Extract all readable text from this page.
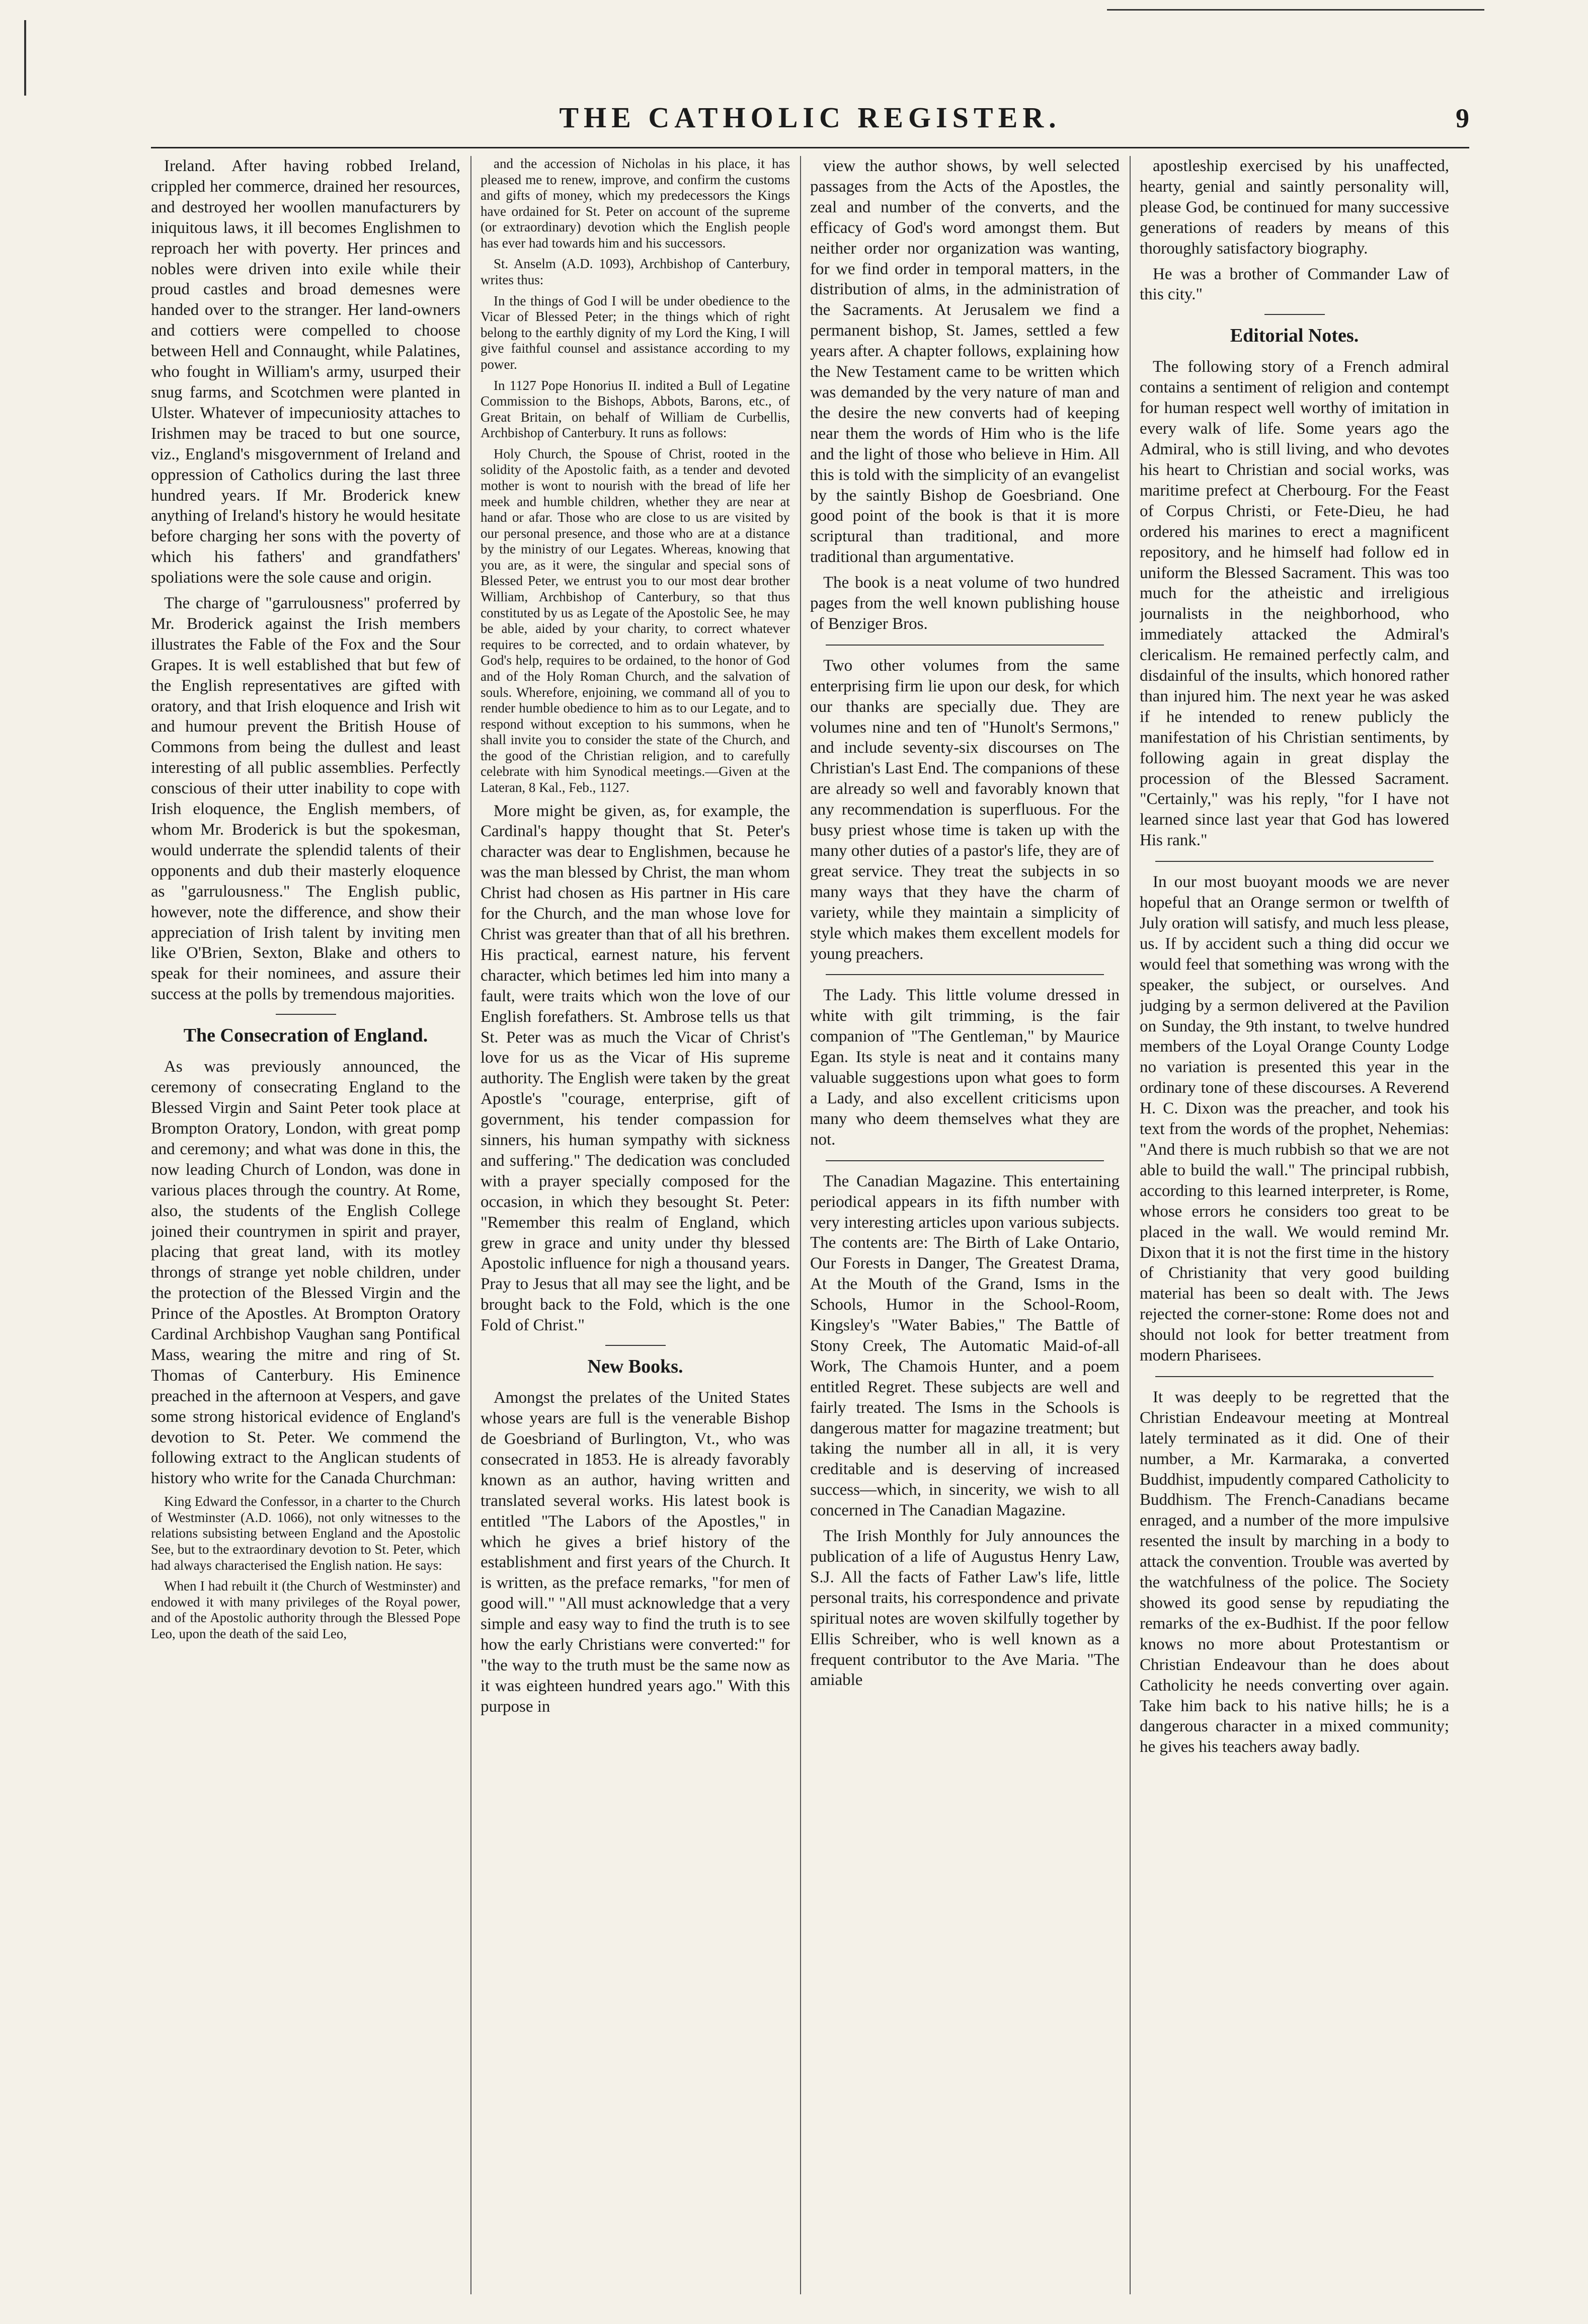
THE CATHOLIC REGISTER.	9

Ireland. After having robbed Ireland, crippled her commerce, drained her resources, and destroyed her woollen manufacturers by iniquitous laws, it ill becomes Englishmen to reproach her with poverty. Her princes and nobles were driven into exile while their proud castles and broad demesnes were handed over to the stranger. Her land-owners and cottiers were compelled to choose between Hell and Connaught, while Palatines, who fought in William's army, usurped their snug farms, and Scotchmen were planted in Ulster. Whatever of impecuniosity attaches to Irishmen may be traced to but one source, viz., England's misgovernment of Ireland and oppression of Catholics during the last three hundred years. If Mr. Broderick knew anything of Ireland's history he would hesitate before charging her sons with the poverty of which his fathers' and grandfathers' spoliations were the sole cause and origin.

The charge of "garrulousness" proferred by Mr. Broderick against the Irish members illustrates the Fable of the Fox and the Sour Grapes. It is well established that but few of the English representatives are gifted with oratory, and that Irish eloquence and Irish wit and humour prevent the British House of Commons from being the dullest and least interesting of all public assemblies. Perfectly conscious of their utter inability to cope with Irish eloquence, the English members, of whom Mr. Broderick is but the spokesman, would underrate the splendid talents of their opponents and dub their masterly eloquence as "garrulousness." The English public, however, note the difference, and show their appreciation of Irish talent by inviting men like O'Brien, Sexton, Blake and others to speak for their nominees, and assure their success at the polls by tremendous majorities.

The Consecration of England.

As was previously announced, the ceremony of consecrating England to the Blessed Virgin and Saint Peter took place at Brompton Oratory, London, with great pomp and ceremony; and what was done in this, the now leading Church of London, was done in various places through the country. At Rome, also, the students of the English College joined their countrymen in spirit and prayer, placing that great land, with its motley throngs of strange yet noble children, under the protection of the Blessed Virgin and the Prince of the Apostles. At Brompton Oratory Cardinal Archbishop Vaughan sang Pontifical Mass, wearing the mitre and ring of St. Thomas of Canterbury. His Eminence preached in the afternoon at Vespers, and gave some strong historical evidence of England's devotion to St. Peter. We commend the following extract to the Anglican students of history who write for the Canada Churchman:

King Edward the Confessor, in a charter to the Church of Westminster (A.D. 1066), not only witnesses to the relations subsisting between England and the Apostolic See, but to the extraordinary devotion to St. Peter, which had always characterised the English nation. He says:

When I had rebuilt it (the Church of Westminster) and endowed it with many privileges of the Royal power, and of the Apostolic authority through the Blessed Pope Leo, upon the death of the said Leo,

and the accession of Nicholas in his place, it has pleased me to renew, improve, and confirm the customs and gifts of money, which my predecessors the Kings have ordained for St. Peter on account of the supreme (or extraordinary) devotion which the English people has ever had towards him and his successors.

St. Anselm (A.D. 1093), Archbishop of Canterbury, writes thus:

In the things of God I will be under obedience to the Vicar of Blessed Peter; in the things which of right belong to the earthly dignity of my Lord the King, I will give faithful counsel and assistance according to my power.

In 1127 Pope Honorius II. indited a Bull of Legatine Commission to the Bishops, Abbots, Barons, etc., of Great Britain, on behalf of William de Curbellis, Archbishop of Canterbury. It runs as follows:

Holy Church, the Spouse of Christ, rooted in the solidity of the Apostolic faith, as a tender and devoted mother is wont to nourish with the bread of life her meek and humble children, whether they are near at hand or afar. Those who are close to us are visited by our personal presence, and those who are at a distance by the ministry of our Legates. Whereas, knowing that you are, as it were, the singular and special sons of Blessed Peter, we entrust you to our most dear brother William, Archbishop of Canterbury, so that thus constituted by us as Legate of the Apostolic See, he may be able, aided by your charity, to correct whatever requires to be corrected, and to ordain whatever, by God's help, requires to be ordained, to the honor of God and of the Holy Roman Church, and the salvation of souls. Wherefore, enjoining, we command all of you to render humble obedience to him as to our Legate, and to respond without exception to his summons, when he shall invite you to consider the state of the Church, and the good of the Christian religion, and to carefully celebrate with him Synodical meetings.—Given at the Lateran, 8 Kal., Feb., 1127.

More might be given, as, for example, the Cardinal's happy thought that St. Peter's character was dear to Englishmen, because he was the man blessed by Christ, the man whom Christ had chosen as His partner in His care for the Church, and the man whose love for Christ was greater than that of all his brethren. His practical, earnest nature, his fervent character, which betimes led him into many a fault, were traits which won the love of our English forefathers. St. Ambrose tells us that St. Peter was as much the Vicar of Christ's love for us as the Vicar of His supreme authority. The English were taken by the great Apostle's "courage, enterprise, gift of government, his tender compassion for sinners, his human sympathy with sickness and suffering." The dedication was concluded with a prayer specially composed for the occasion, in which they besought St. Peter: "Remember this realm of England, which grew in grace and unity under thy blessed Apostolic influence for nigh a thousand years. Pray to Jesus that all may see the light, and be brought back to the Fold, which is the one Fold of Christ."

New Books.

Amongst the prelates of the United States whose years are full is the venerable Bishop de Goesbriand of Burlington, Vt., who was consecrated in 1853. He is already favorably known as an author, having written and translated several works. His latest book is entitled "The Labors of the Apostles," in which he gives a brief history of the establishment and first years of the Church. It is written, as the preface remarks, "for men of good will." "All must acknowledge that a very simple and easy way to find the truth is to see how the early Christians were converted:" for "the way to the truth must be the same now as it was eighteen hundred years ago." With this purpose in

view the author shows, by well selected passages from the Acts of the Apostles, the zeal and number of the converts, and the efficacy of God's word amongst them. But neither order nor organization was wanting, for we find order in temporal matters, in the distribution of alms, in the administration of the Sacraments. At Jerusalem we find a permanent bishop, St. James, settled a few years after. A chapter follows, explaining how the New Testament came to be written which was demanded by the very nature of man and the desire the new converts had of keeping near them the words of Him who is the life and the light of those who believe in Him. All this is told with the simplicity of an evangelist by the saintly Bishop de Goesbriand. One good point of the book is that it is more scriptural than traditional, and more traditional than argumentative.

The book is a neat volume of two hundred pages from the well known publishing house of Benziger Bros.

Two other volumes from the same enterprising firm lie upon our desk, for which our thanks are specially due. They are volumes nine and ten of "Hunolt's Sermons," and include seventy-six discourses on The Christian's Last End. The companions of these are already so well and favorably known that any recommendation is superfluous. For the busy priest whose time is taken up with the many other duties of a pastor's life, they are of great service. They treat the subjects in so many ways that they have the charm of variety, while they maintain a simplicity of style which makes them excellent models for young preachers.

The Lady. This little volume dressed in white with gilt trimming, is the fair companion of "The Gentleman," by Maurice Egan. Its style is neat and it contains many valuable suggestions upon what goes to form a Lady, and also excellent criticisms upon many who deem themselves what they are not.

The Canadian Magazine. This entertaining periodical appears in its fifth number with very interesting articles upon various subjects. The contents are: The Birth of Lake Ontario, Our Forests in Danger, The Greatest Drama, At the Mouth of the Grand, Isms in the Schools, Humor in the School-Room, Kingsley's "Water Babies," The Battle of Stony Creek, The Automatic Maid-of-all Work, The Chamois Hunter, and a poem entitled Regret. These subjects are well and fairly treated. The Isms in the Schools is dangerous matter for magazine treatment; but taking the number all in all, it is very creditable and is deserving of increased success—which, in sincerity, we wish to all concerned in The Canadian Magazine.

The Irish Monthly for July announces the publication of a life of Augustus Henry Law, S.J. All the facts of Father Law's life, little personal traits, his correspondence and private spiritual notes are woven skilfully together by Ellis Schreiber, who is well known as a frequent contributor to the Ave Maria. "The amiable

apostleship exercised by his unaffected, hearty, genial and saintly personality will, please God, be continued for many successive generations of readers by means of this thoroughly satisfactory biography.

He was a brother of Commander Law of this city."

Editorial Notes.

The following story of a French admiral contains a sentiment of religion and contempt for human respect well worthy of imitation in every walk of life. Some years ago the Admiral, who is still living, and who devotes his heart to Christian and social works, was maritime prefect at Cherbourg. For the Feast of Corpus Christi, or Fete-Dieu, he had ordered his marines to erect a magnificent repository, and he himself had follow ed in uniform the Blessed Sacrament. This was too much for the atheistic and irreligious journalists in the neighborhood, who immediately attacked the Admiral's clericalism. He remained perfectly calm, and disdainful of the insults, which honored rather than injured him. The next year he was asked if he intended to renew publicly the manifestation of his Christian sentiments, by following again in great display the procession of the Blessed Sacrament. "Certainly," was his reply, "for I have not learned since last year that God has lowered His rank."

In our most buoyant moods we are never hopeful that an Orange sermon or twelfth of July oration will satisfy, and much less please, us. If by accident such a thing did occur we would feel that something was wrong with the speaker, the subject, or ourselves. And judging by a sermon delivered at the Pavilion on Sunday, the 9th instant, to twelve hundred members of the Loyal Orange County Lodge no variation is presented this year in the ordinary tone of these discourses. A Reverend H. C. Dixon was the preacher, and took his text from the words of the prophet, Nehemias: "And there is much rubbish so that we are not able to build the wall." The principal rubbish, according to this learned interpreter, is Rome, whose errors he considers too great to be placed in the wall. We would remind Mr. Dixon that it is not the first time in the history of Christianity that very good building material has been so dealt with. The Jews rejected the corner-stone: Rome does not and should not look for better treatment from modern Pharisees.

It was deeply to be regretted that the Christian Endeavour meeting at Montreal lately terminated as it did. One of their number, a Mr. Karmaraka, a converted Buddhist, impudently compared Catholicity to Buddhism. The French-Canadians became enraged, and a number of the more impulsive resented the insult by marching in a body to attack the convention. Trouble was averted by the watchfulness of the police. The Society showed its good sense by repudiating the remarks of the ex-Budhist. If the poor fellow knows no more about Protestantism or Christian Endeavour than he does about Catholicity he needs converting over again. Take him back to his native hills; he is a dangerous character in a mixed community; he gives his teachers away badly.
